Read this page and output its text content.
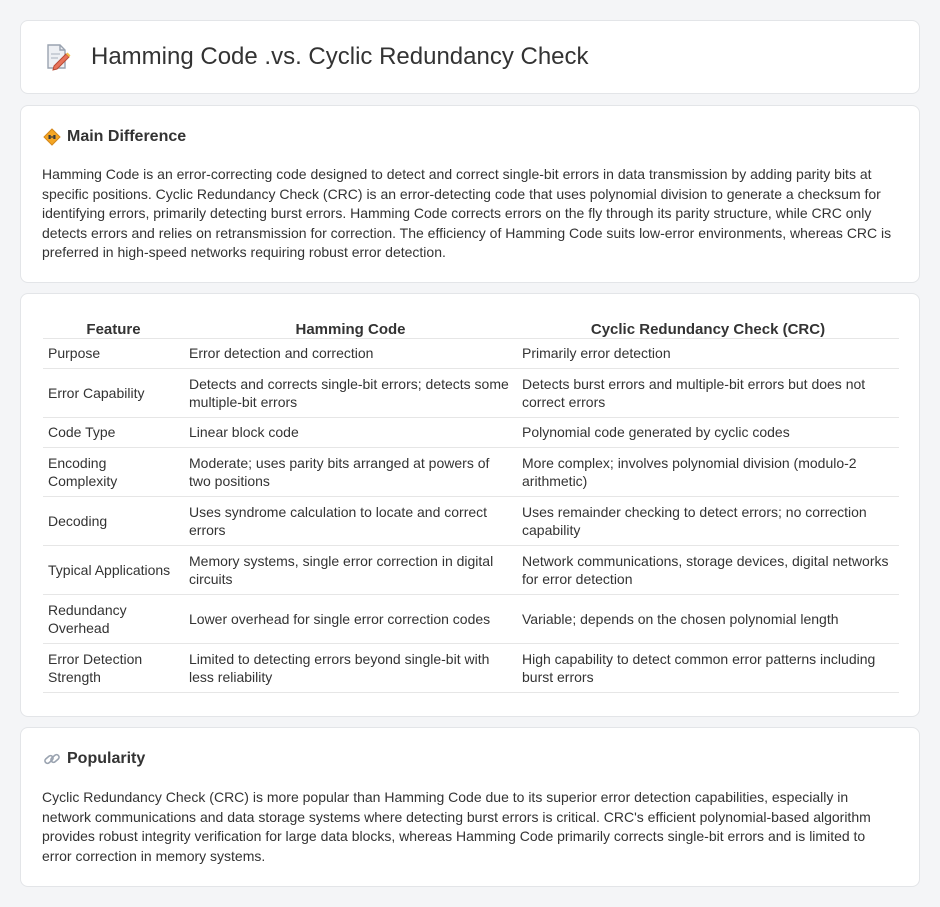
Hamming Code .vs. Cyclic Redundancy Check
Main Difference

Hamming Code is an error-correcting code designed to detect and correct single-bit errors in data transmission by adding parity bits at specific positions. Cyclic Redundancy Check (CRC) is an error-detecting code that uses polynomial division to generate a checksum for identifying errors, primarily detecting burst errors. Hamming Code corrects errors on the fly through its parity structure, while CRC only detects errors and relies on retransmission for correction. The efficiency of Hamming Code suits low-error environments, whereas CRC is preferred in high-speed networks requiring robust error detection.

Feature	Hamming Code	Cyclic Redundancy Check (CRC)
Purpose	Error detection and correction	Primarily error detection
Error Capability	Detects and corrects single-bit errors; detects some multiple-bit errors	Detects burst errors and multiple-bit errors but does not correct errors
Code Type	Linear block code	Polynomial code generated by cyclic codes
Encoding Complexity	Moderate; uses parity bits arranged at powers of two positions	More complex; involves polynomial division (modulo-2 arithmetic)
Decoding	Uses syndrome calculation to locate and correct errors	Uses remainder checking to detect errors; no correction capability
Typical Applications	Memory systems, single error correction in digital circuits	Network communications, storage devices, digital networks for error detection
Redundancy Overhead	Lower overhead for single error correction codes	Variable; depends on the chosen polynomial length
Error Detection Strength	Limited to detecting errors beyond single-bit with less reliability	High capability to detect common error patterns including burst errors
Popularity

Cyclic Redundancy Check (CRC) is more popular than Hamming Code due to its superior error detection capabilities, especially in network communications and data storage systems where detecting burst errors is critical. CRC's efficient polynomial-based algorithm provides robust integrity verification for large data blocks, whereas Hamming Code primarily corrects single-bit errors and is limited to error correction in memory systems.
